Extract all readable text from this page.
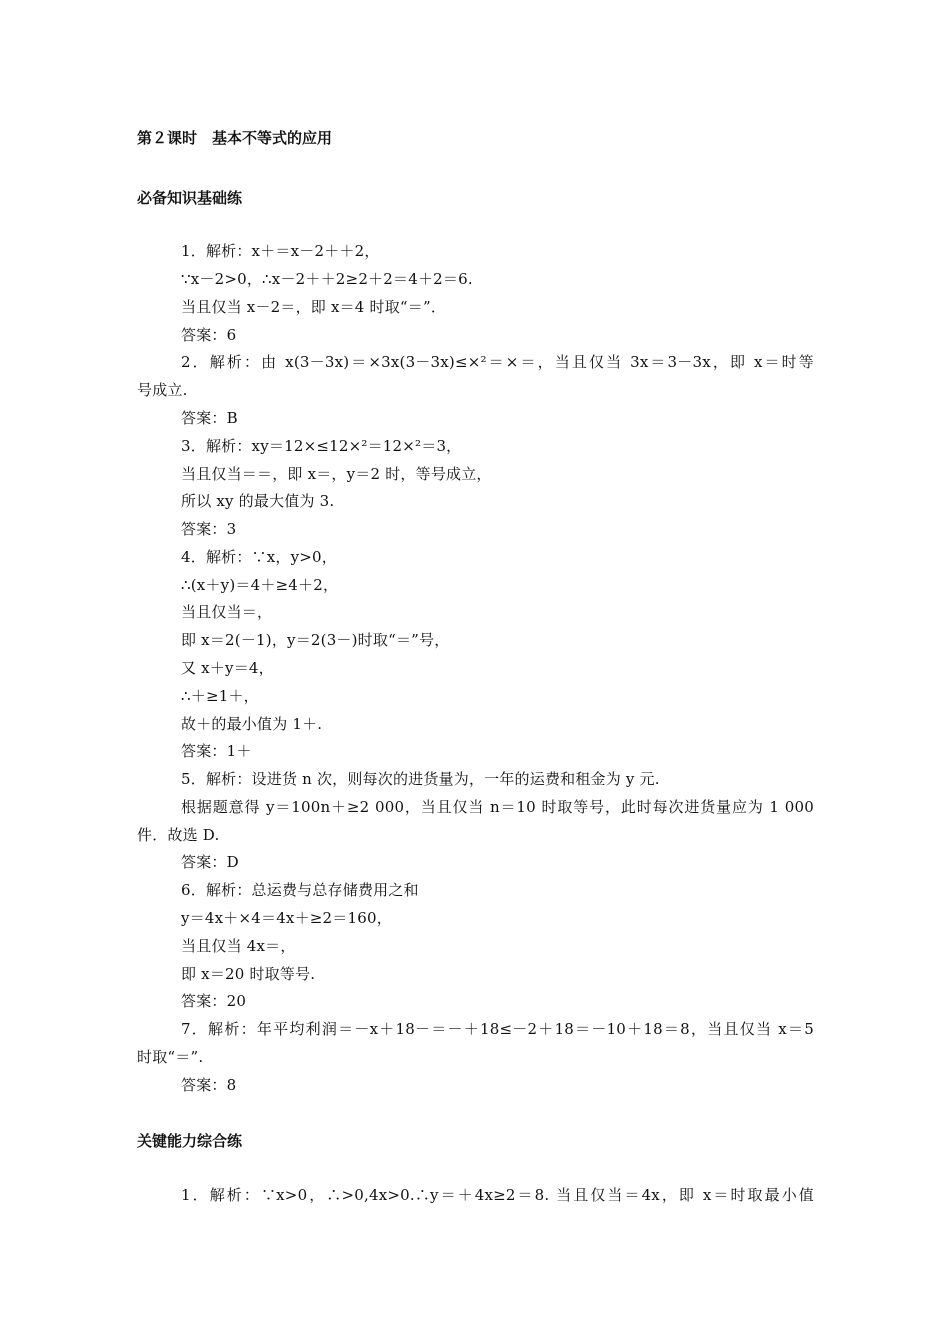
第２课时　基本不等式的应用
必备知识基础练
1．解析：x＋＝x－2＋＋2，
∵x－2>0，∴x－2＋＋2≥2＋2＝4＋2＝6.
当且仅当 x－2＝，即 x＝4 时取“＝”．
答案：6
2．解析：由 x(3－3x)＝×3x(3－3x)≤×²＝×＝，当且仅当 3x＝3－3x，即 x＝时等
号成立.
答案：B
3．解析：xy＝12×≤12×²＝12×²＝3，
当且仅当＝＝，即 x＝，y＝2 时，等号成立，
所以 xy 的最大值为 3.
答案：3
4．解析：∵x，y>0，
∴(x＋y)＝4＋≥4＋2，
当且仅当＝，
即 x＝2(－1)，y＝2(3－)时取“＝”号，
又 x＋y＝4，
∴＋≥1＋，
故＋的最小值为 1＋.
答案：1＋
5．解析：设进货 n 次，则每次的进货量为，一年的运费和租金为 y 元.
根据题意得 y＝100n＋≥2 000，当且仅当 n＝10 时取等号，此时每次进货量应为 1 000
件．故选 D.
答案：D
6．解析：总运费与总存储费用之和
y＝4x＋×4＝4x＋≥2＝160，
当且仅当 4x＝，
即 x＝20 时取等号.
答案：20
7．解析：年平均利润＝－x＋18－＝－＋18≤－2＋18＝－10＋18＝8，当且仅当 x＝5
时取“＝”.
答案：8
关键能力综合练
1．解析：∵x>0，∴>0,4x>0.∴y＝＋4x≥2＝8. 当且仅当＝4x，即 x＝时取最小值
